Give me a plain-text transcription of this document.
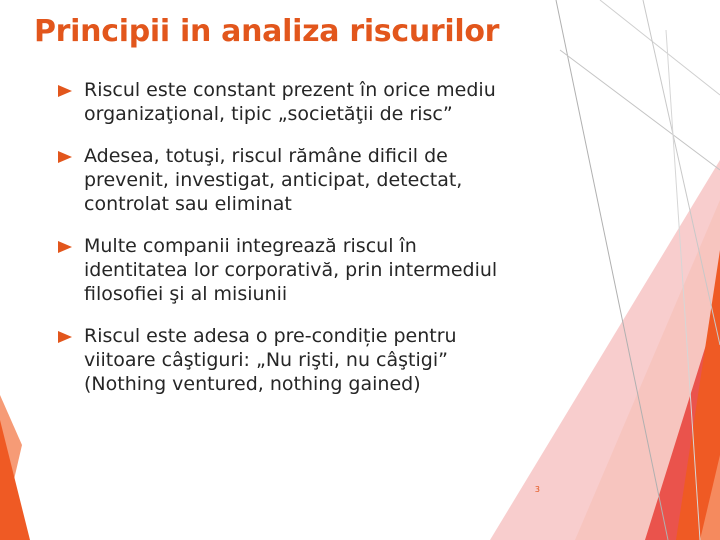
Principii in analiza riscurilor
Riscul este constant prezent în orice mediu organizaţional, tipic „societăţii de risc”
Adesea, totuşi, riscul rămâne dificil de prevenit, investigat, anticipat, detectat, controlat sau eliminat
Multe companii integrează riscul în identitatea lor corporativă, prin intermediul filosofiei şi al misiunii
Riscul este adesa o pre-condiție pentru viitoare câştiguri: „Nu rişti, nu câştigi” (Nothing ventured, nothing gained)
3
